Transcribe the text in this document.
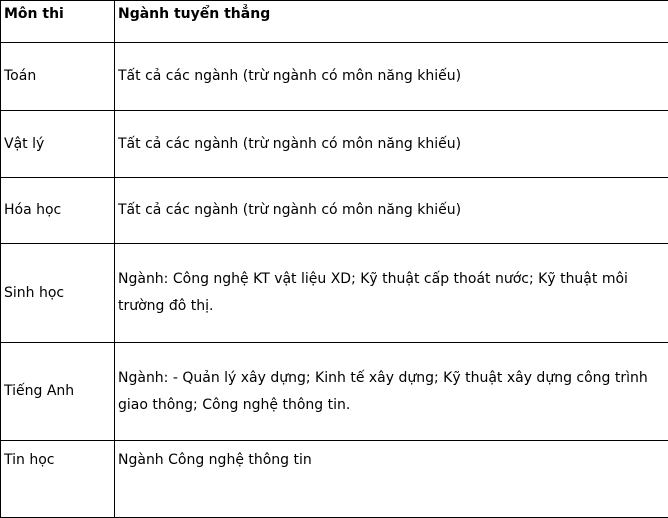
Môn thi	Ngành tuyển thẳng
Toán	Tất cả các ngành (trừ ngành có môn năng khiếu)
Vật lý	Tất cả các ngành (trừ ngành có môn năng khiếu)
Hóa học	Tất cả các ngành (trừ ngành có môn năng khiếu)
Sinh học	Ngành: Công nghệ KT vật liệu XD; Kỹ thuật cấp thoát nước; Kỹ thuật môi trường đô thị.
Tiếng Anh	Ngành: - Quản lý xây dựng; Kinh tế xây dựng; Kỹ thuật xây dựng công trình giao thông; Công nghệ thông tin.
Tin học	Ngành Công nghệ thông tin
